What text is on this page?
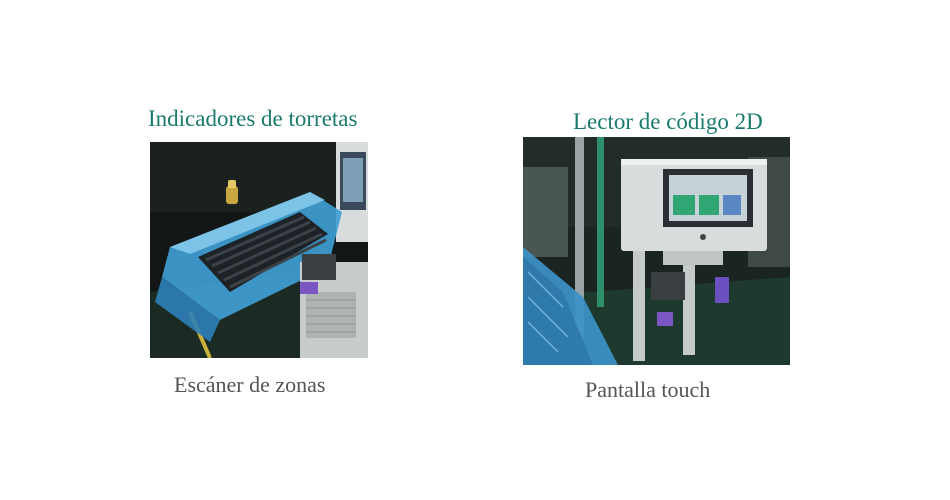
Indicadores de torretas

Escáner de zonas

Lector de código 2D

Pantalla touch
